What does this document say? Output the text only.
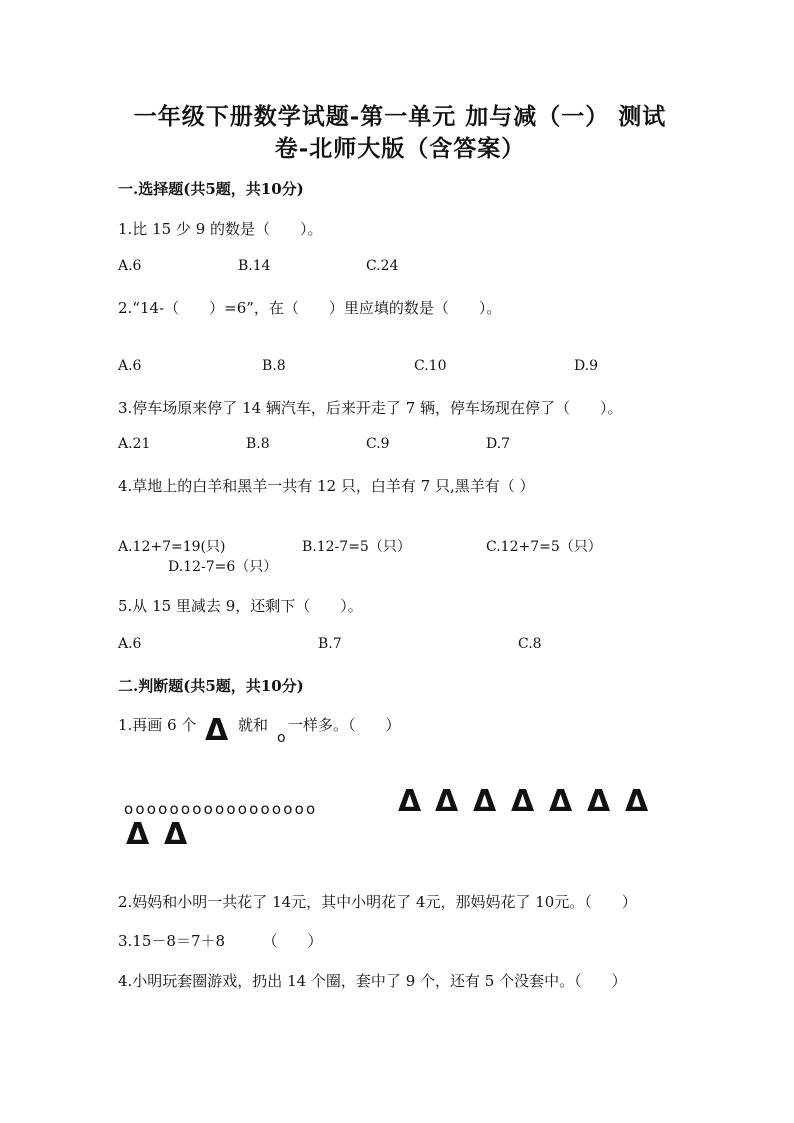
一年级下册数学试题-第一单元 加与减（一） 测试
卷-北师大版（含答案）
一.选择题(共5题，共10分)
1.比 15 少 9 的数是（　　）。
A.6	B.14	C.24
2.“14-（　　）=6”，在（　　）里应填的数是（　　）。
A.6	B.8	C.10	D.9
3.停车场原来停了 14 辆汽车，后来开走了 7 辆，停车场现在停了（　　）。
A.21	B.8	C.9	D.7
4.草地上的白羊和黑羊一共有 12 只，白羊有 7 只,黑羊有（ ）
A.12+7=19(只)	B.12-7=5（只）	C.12+7=5（只）
D.12-7=6（只）
5.从 15 里减去 9，还剩下（　　）。
A.6	B.7	C.8
二.判断题(共5题，共10分)
1.再画 6 个 Δ 就和
o
一样多。（　　）
ooooooooooooooooo	Δ Δ Δ Δ Δ Δ Δ
Δ Δ
2.妈妈和小明一共花了 14元，其中小明花了 4元，那妈妈花了 10元。（　　）
3.15－8＝7＋8　　　（　　）
4.小明玩套圈游戏，扔出 14 个圈，套中了 9 个，还有 5 个没套中。（　　）
